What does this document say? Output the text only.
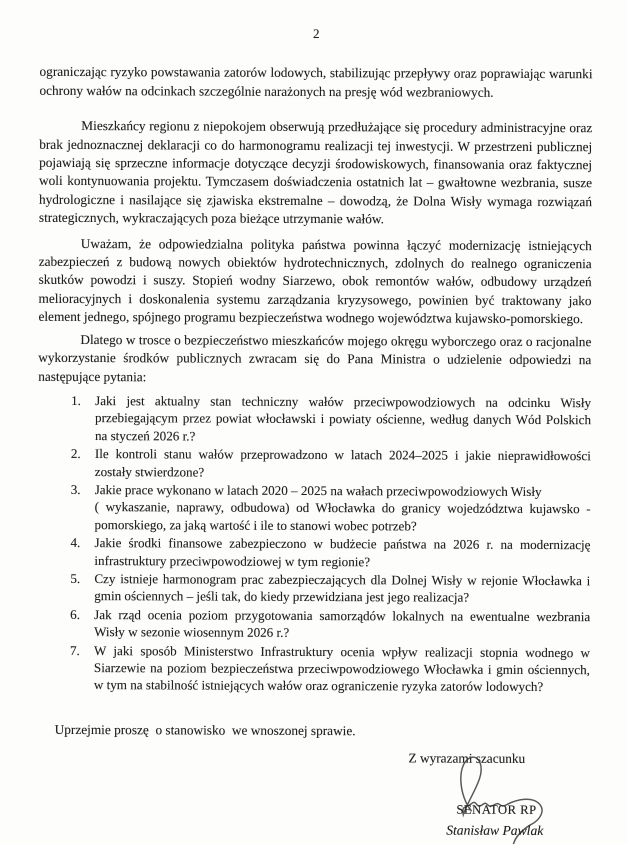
2

ograniczając ryzyko powstawania zatorów lodowych, stabilizując przepływy oraz poprawiając warunki ochrony wałów na odcinkach szczególnie narażonych na presję wód wezbraniowych.

Mieszkańcy regionu z niepokojem obserwują przedłużające się procedury administracyjne oraz brak jednoznacznej deklaracji co do harmonogramu realizacji tej inwestycji. W przestrzeni publicznej pojawiają się sprzeczne informacje dotyczące decyzji środowiskowych, finansowania oraz faktycznej woli kontynuowania projektu. Tymczasem doświadczenia ostatnich lat – gwałtowne wezbrania, susze hydrologiczne i nasilające się zjawiska ekstremalne – dowodzą, że Dolna Wisły wymaga rozwiązań strategicznych, wykraczających poza bieżące utrzymanie wałów.

Uważam, że odpowiedzialna polityka państwa powinna łączyć modernizację istniejących zabezpieczeń z budową nowych obiektów hydrotechnicznych, zdolnych do realnego ograniczenia skutków powodzi i suszy. Stopień wodny Siarzewo, obok remontów wałów, odbudowy urządzeń melioracyjnych i doskonalenia systemu zarządzania kryzysowego, powinien być traktowany jako element jednego, spójnego programu bezpieczeństwa wodnego województwa kujawsko-pomorskiego.

Dlatego w trosce o bezpieczeństwo mieszkańców mojego okręgu wyborczego oraz o racjonalne wykorzystanie środków publicznych zwracam się do Pana Ministra o udzielenie odpowiedzi na następujące pytania:

1.	Jaki jest aktualny stan techniczny wałów przeciwpowodziowych na odcinku Wisły przebiegającym przez powiat włocławski i powiaty ościenne, według danych Wód Polskich na styczeń 2026 r.?
2.	Ile kontroli stanu wałów przeprowadzono w latach 2024–2025 i jakie nieprawidłowości zostały stwierdzone?
3.	Jakie prace wykonano w latach 2020 – 2025 na wałach przeciwpowodziowych Wisły
( wykaszanie, naprawy, odbudowa) od Włocławka do granicy wojedzództwa kujawsko - pomorskiego, za jaką wartość i ile to stanowi wobec potrzeb?
4.	Jakie środki finansowe zabezpieczono w budżecie państwa na 2026 r. na modernizację infrastruktury przeciwpowodziowej w tym regionie?
5.	Czy istnieje harmonogram prac zabezpieczających dla Dolnej Wisły w rejonie Włocławka i gmin ościennych – jeśli tak, do kiedy przewidziana jest jego realizacja?
6.	Jak rząd ocenia poziom przygotowania samorządów lokalnych na ewentualne wezbrania Wisły w sezonie wiosennym 2026 r.?
7.	W jaki sposób Ministerstwo Infrastruktury ocenia wpływ realizacji stopnia wodnego w Siarzewie na poziom bezpieczeństwa przeciwpowodziowego Włocławka i gmin ościennych, w tym na stabilność istniejących wałów oraz ograniczenie ryzyka zatorów lodowych?

Uprzejmie proszę  o stanowisko  we wnoszonej sprawie.

Z wyrazami szacunku
SENATOR RP
Stanisław Pawlak
